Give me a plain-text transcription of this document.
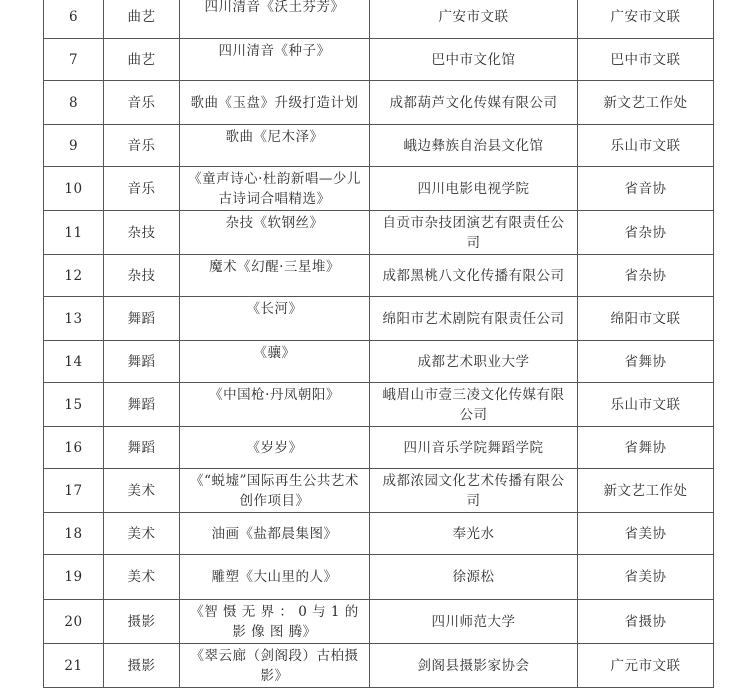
6	曲艺	四川清音《沃土芬芳》	广安市文联	广安市文联
7	曲艺	四川清音《种子》	巴中市文化馆	巴中市文联
8	音乐	歌曲《玉盘》升级打造计划	成都葫芦文化传媒有限公司	新文艺工作处
9	音乐	歌曲《尼木泽》	峨边彝族自治县文化馆	乐山市文联
10	音乐	《童声诗心·杜韵新唱—少儿古诗词合唱精选》	四川电影电视学院	省音协
11	杂技	杂技《软钢丝》	自贡市杂技团演艺有限责任公司	省杂协
12	杂技	魔术《幻醒·三星堆》	成都黑桃八文化传播有限公司	省杂协
13	舞蹈	《长河》	绵阳市艺术剧院有限责任公司	绵阳市文联
14	舞蹈	《骧》	成都艺术职业大学	省舞协
15	舞蹈	《中国枪·丹凤朝阳》	峨眉山市壹三凌文化传媒有限公司	乐山市文联
16	舞蹈	《岁岁》	四川音乐学院舞蹈学院	省舞协
17	美术	《“蜕墟”国际再生公共艺术创作项目》	成都浓园文化艺术传播有限公司	新文艺工作处
18	美术	油画《盐都晨集图》	奉光水	省美协
19	美术	雕塑《大山里的人》	徐源松	省美协
20	摄影	《智 慑 无 界 ： 0 与 1 的 影 像 图 腾》	四川师范大学	省摄协
21	摄影	《翠云廊（剑阁段）古柏摄影》	剑阁县摄影家协会	广元市文联
